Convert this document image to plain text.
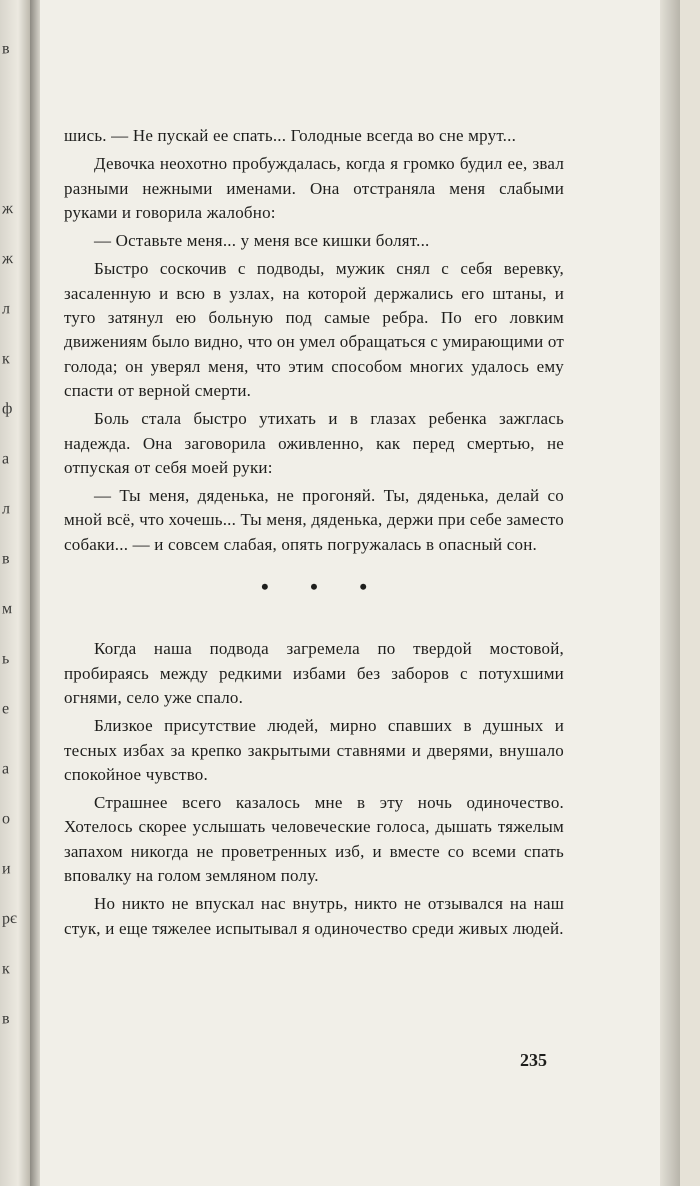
в
ж
ж
л
к
ф
а
л
в
м
ь
е
а
о
и
рє
к
в

шись. — Не пускай ее спать... Голодные всегда во сне мрут...

Девочка неохотно пробуждалась, когда я громко будил ее, звал разными нежными именами. Она отстраняла меня слабыми руками и говорила жалобно:

— Оставьте меня... у меня все кишки болят...

Быстро соскочив с подводы, мужик снял с себя веревку, засаленную и всю в узлах, на которой держались его штаны, и туго затянул ею больную под самые ребра. По его ловким движениям было видно, что он умел обращаться с умирающими от голода; он уверял меня, что этим способом многих удалось ему спасти от верной смерти.

Боль стала быстро утихать и в глазах ребенка зажглась надежда. Она заговорила оживленно, как перед смертью, не отпуская от себя моей руки:

— Ты меня, дяденька, не прогоняй. Ты, дяденька, делай со мной всё, что хочешь... Ты меня, дяденька, держи при себе заместо собаки... — и совсем слабая, опять погружалась в опасный сон.

• • •

Когда наша подвода загремела по твердой мостовой, пробираясь между редкими избами без заборов с потухшими огнями, село уже спало.

Близкое присутствие людей, мирно спавших в душных и тесных избах за крепко закрытыми ставнями и дверями, внушало спокойное чувство.

Страшнее всего казалось мне в эту ночь одиночество. Хотелось скорее услышать человеческие голоса, дышать тяжелым запахом никогда не проветренных изб, и вместе со всеми спать вповалку на голом земляном полу.

Но никто не впускал нас внутрь, никто не отзывался на наш стук, и еще тяжелее испытывал я одиночество среди живых людей.

235
